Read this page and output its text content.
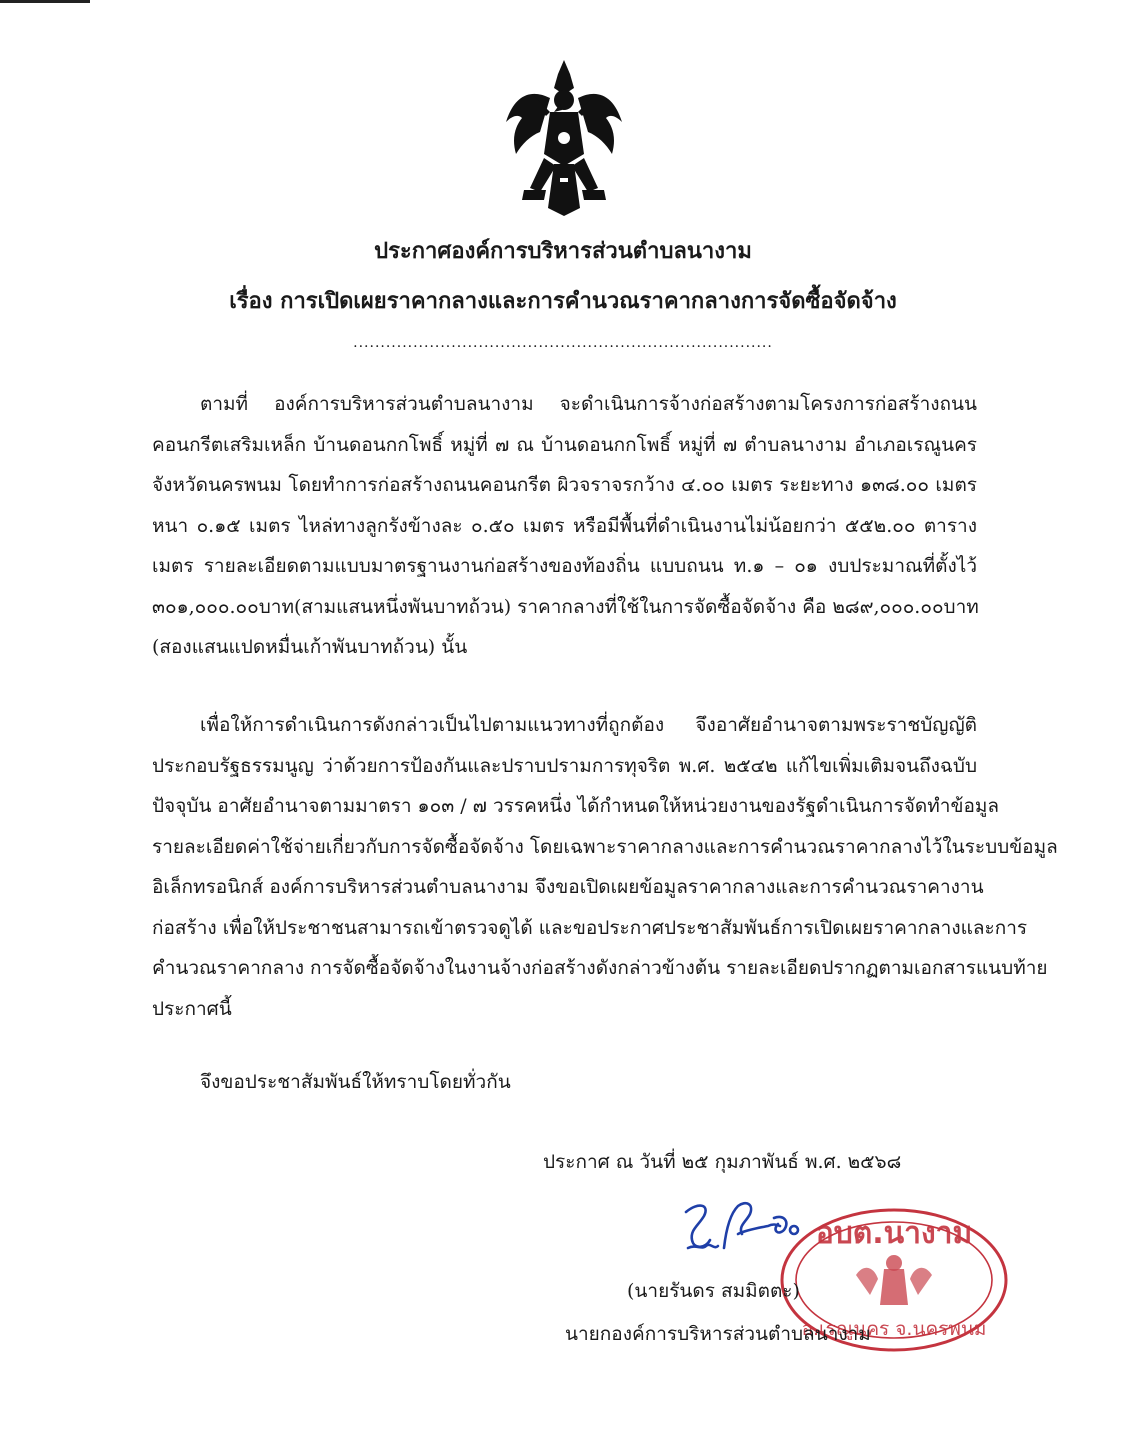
ประกาศองค์การบริหารส่วนตำบลนางาม
เรื่อง การเปิดเผยราคากลางและการคำนวณราคากลางการจัดซื้อจัดจ้าง
.............................................................................
ตามที่ องค์การบริหารส่วนตำบลนางาม จะดำเนินการจ้างก่อสร้างตามโครงการก่อสร้างถนน
คอนกรีตเสริมเหล็ก บ้านดอนกกโพธิ์ หมู่ที่ ๗ ณ บ้านดอนกกโพธิ์ หมู่ที่ ๗ ตำบลนางาม อำเภอเรณูนคร
จังหวัดนครพนม โดยทำการก่อสร้างถนนคอนกรีต ผิวจราจรกว้าง ๔.๐๐ เมตร ระยะทาง ๑๓๘.๐๐ เมตร
หนา ๐.๑๕ เมตร ไหล่ทางลูกรังข้างละ ๐.๕๐ เมตร หรือมีพื้นที่ดำเนินงานไม่น้อยกว่า ๕๕๒.๐๐ ตาราง
เมตร รายละเอียดตามแบบมาตรฐานงานก่อสร้างของท้องถิ่น แบบถนน ท.๑ – ๐๑ งบประมาณที่ตั้งไว้
๓๐๑,๐๐๐.๐๐บาท(สามแสนหนึ่งพันบาทถ้วน) ราคากลางที่ใช้ในการจัดซื้อจัดจ้าง คือ ๒๘๙,๐๐๐.๐๐บาท
(สองแสนแปดหมื่นเก้าพันบาทถ้วน) นั้น
เพื่อให้การดำเนินการดังกล่าวเป็นไปตามแนวทางที่ถูกต้อง จึงอาศัยอำนาจตามพระราชบัญญัติ
ประกอบรัฐธรรมนูญ ว่าด้วยการป้องกันและปราบปรามการทุจริต พ.ศ. ๒๕๔๒ แก้ไขเพิ่มเติมจนถึงฉบับ
ปัจจุบัน อาศัยอำนาจตามมาตรา ๑๐๓ / ๗ วรรคหนึ่ง ได้กำหนดให้หน่วยงานของรัฐดำเนินการจัดทำข้อมูล
รายละเอียดค่าใช้จ่ายเกี่ยวกับการจัดซื้อจัดจ้าง โดยเฉพาะราคากลางและการคำนวณราคากลางไว้ในระบบข้อมูล
อิเล็กทรอนิกส์ องค์การบริหารส่วนตำบลนางาม จึงขอเปิดเผยข้อมูลราคากลางและการคำนวณราคางาน
ก่อสร้าง เพื่อให้ประชาชนสามารถเข้าตรวจดูได้ และขอประกาศประชาสัมพันธ์การเปิดเผยราคากลางและการ
คำนวณราคากลาง การจัดซื้อจัดจ้างในงานจ้างก่อสร้างดังกล่าวข้างต้น รายละเอียดปรากฏตามเอกสารแนบท้าย
ประกาศนี้
จึงขอประชาสัมพันธ์ให้ทราบโดยทั่วกัน
ประกาศ ณ วันที่ ๒๕ กุมภาพันธ์ พ.ศ. ๒๕๖๘
อบต.นางาม
อ.เรณูนคร จ.นครพนม
(นายรันดร สมมิตตะ)
นายกองค์การบริหารส่วนตำบลนางาม
